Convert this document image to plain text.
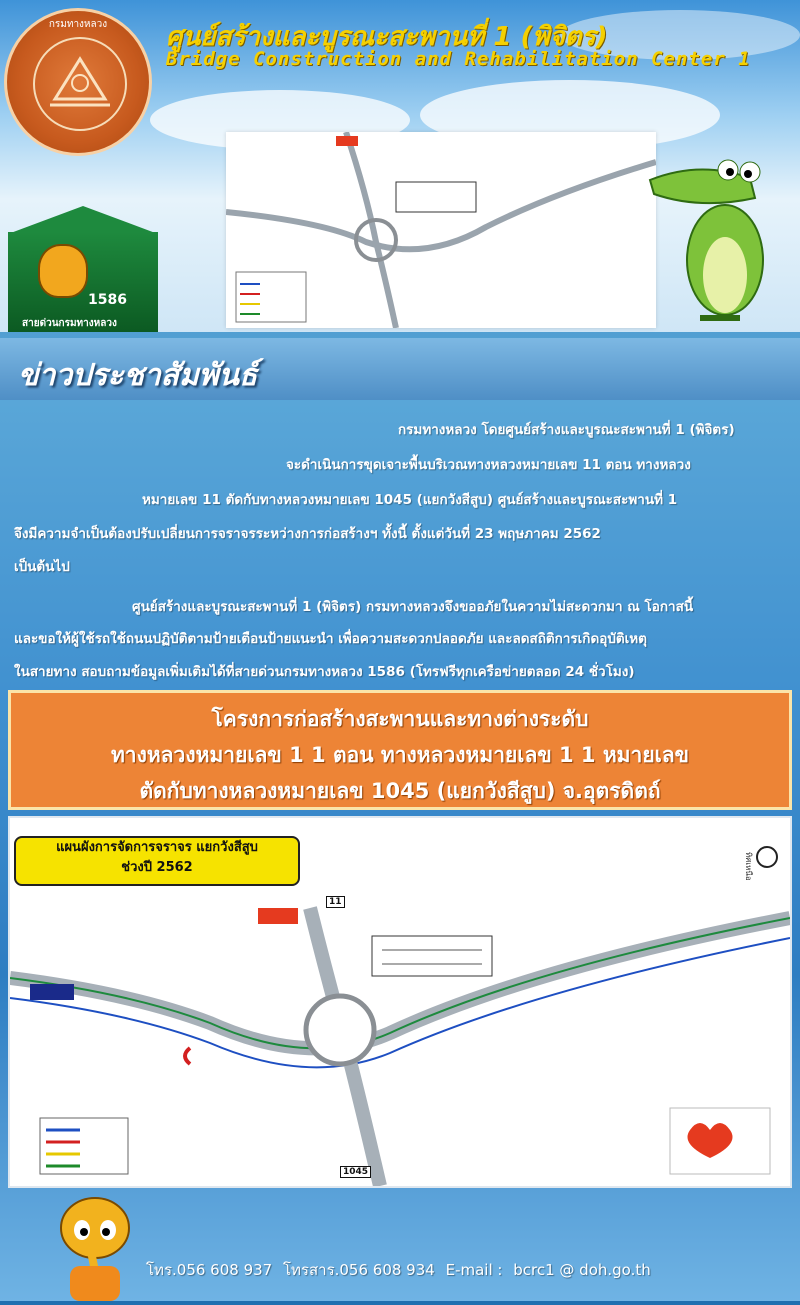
กรมทางหลวง	ศูนย์สร้างและบูรณะสะพานที่ 1 (พิจิตร)
Bridge Construction and Rehabilitation Center 1
1586
สายด่วนกรมทางหลวง
ข่าวประชาสัมพันธ์
กรมทางหลวง โดยศูนย์สร้างและบูรณะสะพานที่ 1 (พิจิตร)
จะดำเนินการขุดเจาะพื้นบริเวณทางหลวงหมายเลข 11 ตอน ทางหลวง
หมายเลข 11 ตัดกับทางหลวงหมายเลข 1045 (แยกวังสีสูบ) ศูนย์สร้างและบูรณะสะพานที่ 1
จึงมีความจำเป็นต้องปรับเปลี่ยนการจราจรระหว่างการก่อสร้างฯ ทั้งนี้ ตั้งแต่วันที่ 23 พฤษภาคม 2562
เป็นต้นไป
ศูนย์สร้างและบูรณะสะพานที่ 1 (พิจิตร) กรมทางหลวงจึงขออภัยในความไม่สะดวกมา ณ โอกาสนี้
และขอให้ผู้ใช้รถใช้ถนนปฏิบัติตามป้ายเตือนป้ายแนะนำ เพื่อความสะดวกปลอดภัย และลดสถิติการเกิดอุบัติเหตุ
ในสายทาง สอบถามข้อมูลเพิ่มเติมได้ที่สายด่วนกรมทางหลวง 1586 (โทรฟรีทุกเครือข่ายตลอด 24 ชั่วโมง)
โครงการก่อสร้างสะพานและทางต่างระดับ
ทางหลวงหมายเลข 1 1 ตอน ทางหลวงหมายเลข 1 1 หมายเลข
ตัดกับทางหลวงหมายเลข 1045 (แยกวังสีสูบ) จ.อุตรดิตถ์
แผนผังการจัดการจราจร แยกวังสีสูบ
ช่วงปี 2562	ทิศเหนือ
11
1045
โทร.056 608 937 โทรสาร.056 608 934 E-mail : bcrc1 @ doh.go.th
